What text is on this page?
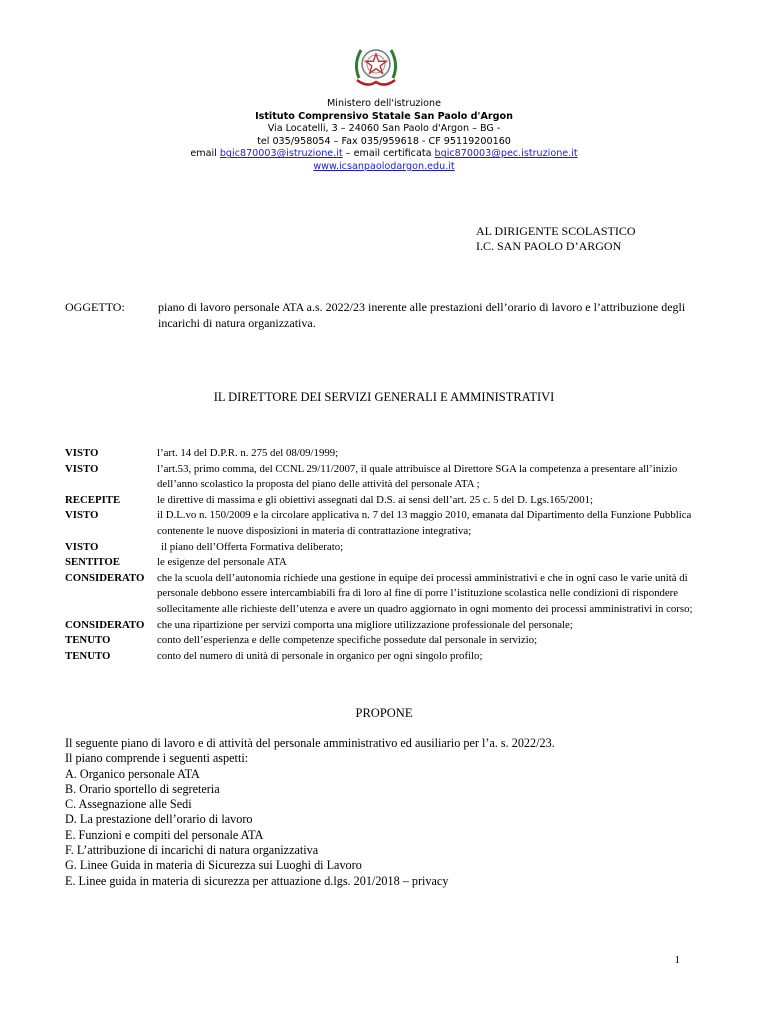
Ministero dell'istruzione
Istituto Comprensivo Statale San Paolo d'Argon
Via Locatelli, 3 – 24060 San Paolo d'Argon – BG -
tel 035/958054 – Fax 035/959618 - CF 95119200160
email bgic870003@istruzione.it – email certificata bgic870003@pec.istruzione.it
www.icsanpaolodargon.edu.it
AL DIRIGENTE SCOLASTICO
I.C. SAN PAOLO D’ARGON
OGGETTO:	piano di lavoro personale ATA a.s. 2022/23 inerente alle prestazioni dell’orario di lavoro e l’attribuzione degli incarichi di natura organizzativa.
IL DIRETTORE DEI SERVIZI GENERALI E AMMINISTRATIVI
VISTO	l’art. 14 del D.P.R. n. 275 del 08/09/1999;
VISTO	l’art.53, primo comma, del CCNL 29/11/2007, il quale attribuisce al Direttore SGA la competenza a presentare all’inizio dell’anno scolastico la proposta del piano delle attività del personale ATA ;
RECEPITE	le direttive di massima e gli obiettivi assegnati dal D.S. ai sensi dell’art. 25 c. 5 del D. Lgs.165/2001;
VISTO	il D.L.vo n. 150/2009 e la circolare applicativa n. 7 del 13 maggio 2010, emanata dal Dipartimento della Funzione Pubblica contenente le nuove disposizioni in materia di contrattazione integrativa;
VISTO	il piano dell’Offerta Formativa deliberato;
SENTITOE	le esigenze del personale ATA
CONSIDERATO che la scuola dell’autonomia richiede una gestione in equipe dei processi amministrativi e che in ogni caso le varie unità di personale debbono essere intercambiabili fra di loro al fine di porre l’istituzione scolastica nelle condizioni di rispondere sollecitamente alle richieste dell’utenza e avere un quadro aggiornato in ogni momento dei processi amministrativi in corso;
CONSIDERATO che una ripartizione per servizi comporta una migliore utilizzazione professionale del personale;
TENUTO	conto dell’esperienza e delle competenze specifiche possedute dal personale in servizio;
TENUTO	conto del numero di unità di personale in organico per ogni singolo profilo;
PROPONE
Il seguente piano di lavoro e di attività del personale amministrativo ed ausiliario per l’a. s. 2022/23.
Il piano comprende i seguenti aspetti:
A. Organico personale ATA
B. Orario sportello di segreteria
C. Assegnazione alle Sedi
D. La prestazione dell’orario di lavoro
E. Funzioni e compiti del personale ATA
F. L’attribuzione di incarichi di natura organizzativa
G. Linee Guida in materia di Sicurezza sui Luoghi di Lavoro
E. Linee guida in materia di sicurezza per attuazione d.lgs. 201/2018 – privacy
1
